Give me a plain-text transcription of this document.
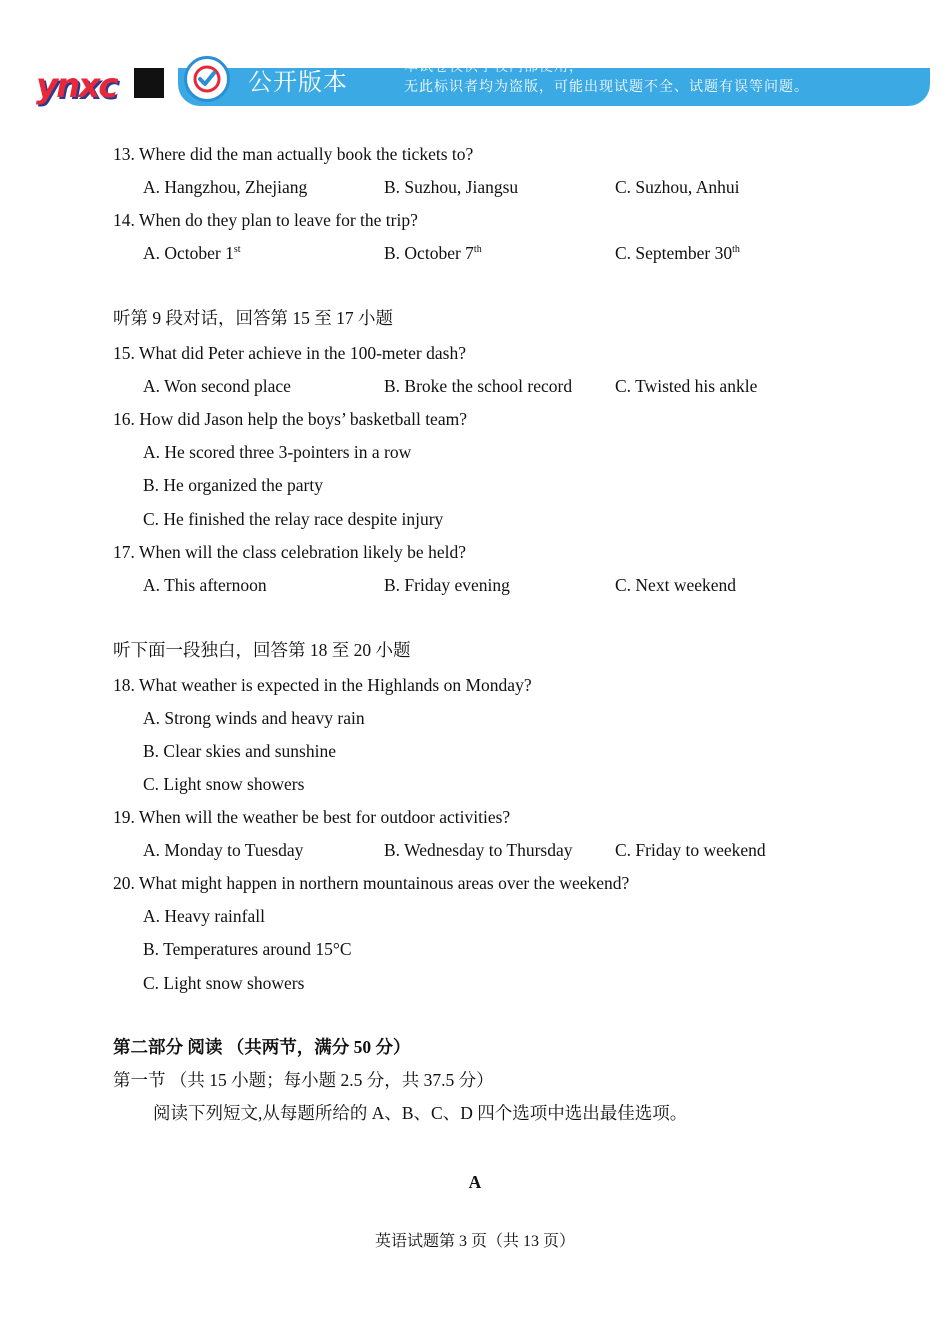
ynxc	公开版本
本试卷仅供学校内部使用，
无此标识者均为盗版，可能出现试题不全、试题有误等问题。
13. Where did the man actually book the tickets to?
A. Hangzhou, Zhejiang	B. Suzhou, Jiangsu	C. Suzhou, Anhui
14. When do they plan to leave for the trip?
A. October 1st	B. October 7th	C. September 30th
听第 9 段对话，回答第 15 至 17 小题
15. What did Peter achieve in the 100-meter dash?
A. Won second place	B. Broke the school record C. Twisted his ankle
16. How did Jason help the boys’ basketball team?
A. He scored three 3-pointers in a row
B. He organized the party
C. He finished the relay race despite injury
17. When will the class celebration likely be held?
A. This afternoon	B. Friday evening	C. Next weekend
听下面一段独白，回答第 18 至 20 小题
18. What weather is expected in the Highlands on Monday?
A. Strong winds and heavy rain
B. Clear skies and sunshine
C. Light snow showers
19. When will the weather be best for outdoor activities?
A. Monday to Tuesday	B. Wednesday to Thursday C. Friday to weekend
20. What might happen in northern mountainous areas over the weekend?
A. Heavy rainfall
B. Temperatures around 15°C
C. Light snow showers
第二部分 阅读 （共两节，满分 50 分）
第一节 （共 15 小题；每小题 2.5 分，共 37.5 分）
阅读下列短文,从每题所给的 A、B、C、D 四个选项中选出最佳选项。
A
英语试题第 3 页（共 13 页）
